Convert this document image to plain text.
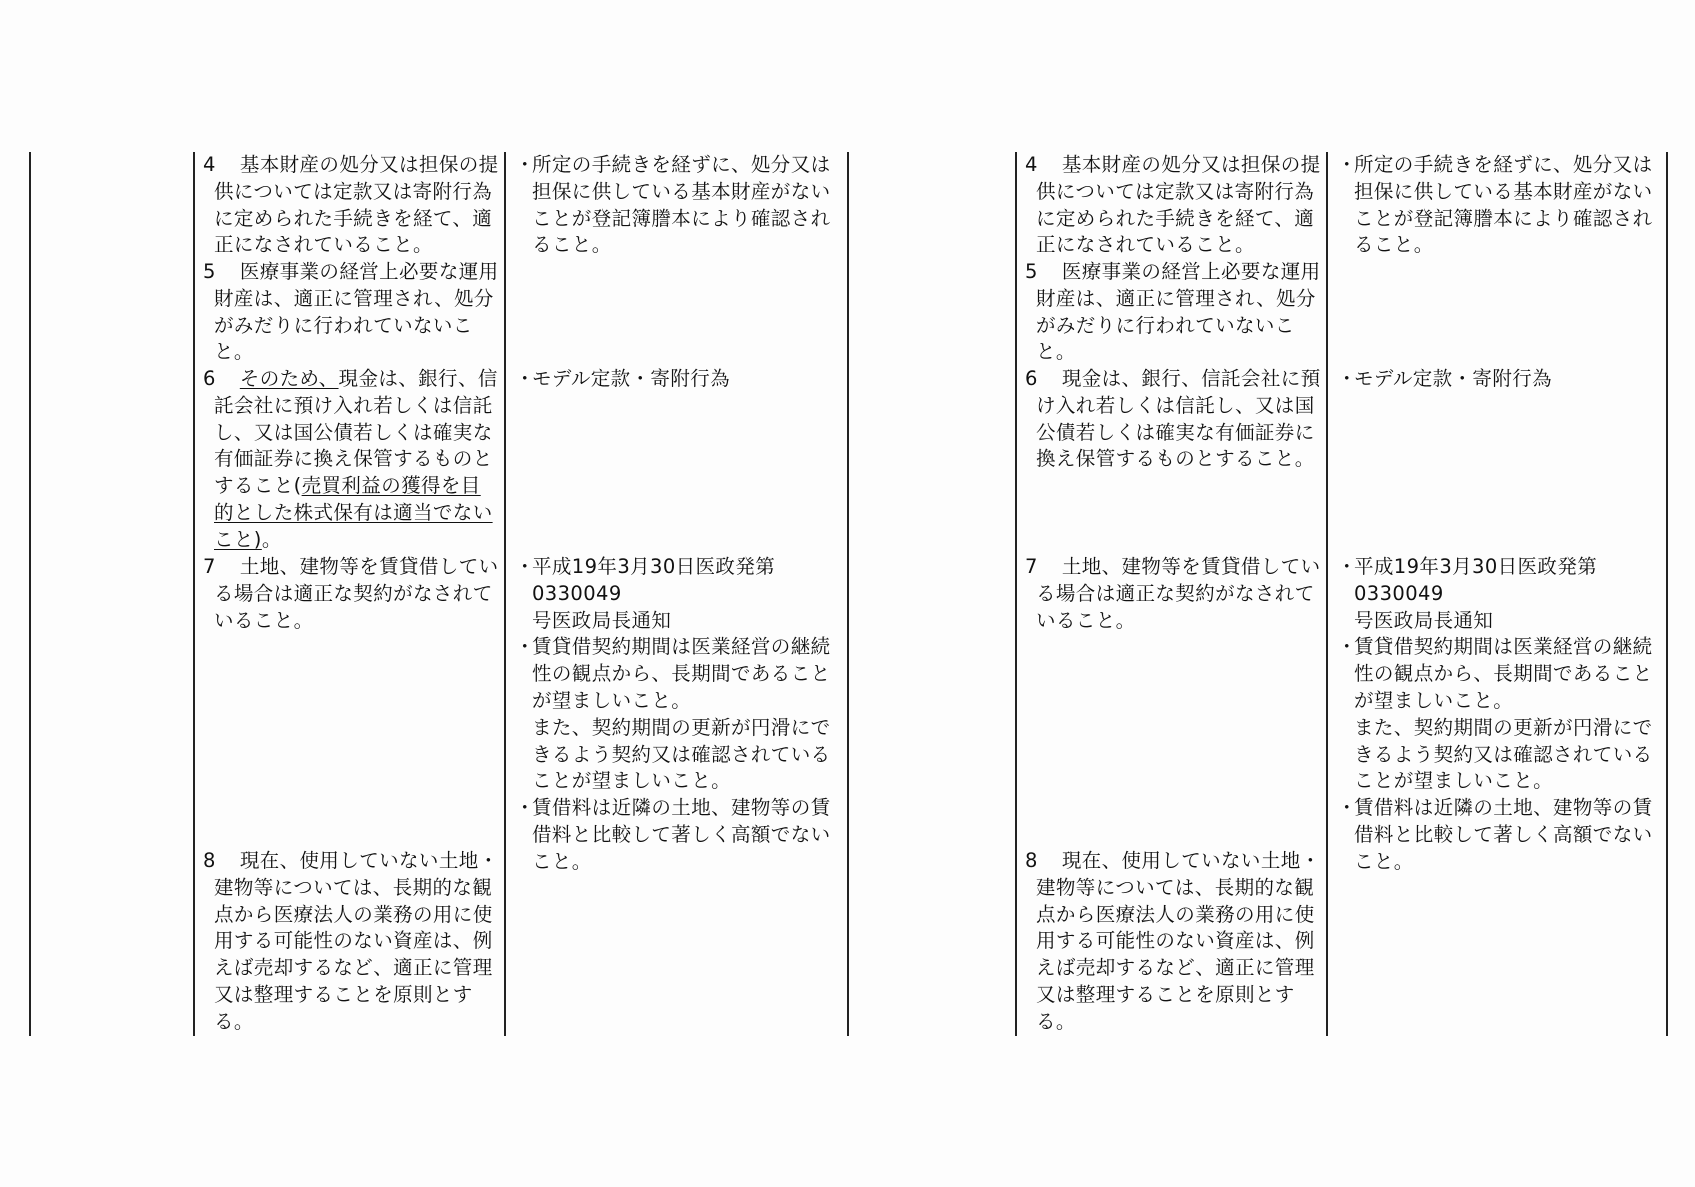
4 基本財産の処分又は担保の提
供については定款又は寄附行為
に定められた手続きを経て、適
正になされていること。
5 医療事業の経営上必要な運用
財産は、適正に管理され、処分
がみだりに行われていないこ
と。
6 そのため、現金は、銀行、信
託会社に預け入れ若しくは信託
し、又は国公債若しくは確実な
有価証券に換え保管するものと
すること(売買利益の獲得を目
的とした株式保有は適当でない
こと)。
7 土地、建物等を賃貸借してい
る場合は適正な契約がなされて
いること。
8 現在、使用していない土地・
建物等については、長期的な観
点から医療法人の業務の用に使
用する可能性のない資産は、例
えば売却するなど、適正に管理
又は整理することを原則とす
る。
・
所定の手続きを経ずに、処分又は
担保に供している基本財産がない
ことが登記簿謄本により確認され
ること。
・
モデル定款・寄附行為
・
平成19年3月30日医政発第0330049
号医政局長通知
・
賃貸借契約期間は医業経営の継続
性の観点から、長期間であること
が望ましいこと。
また、契約期間の更新が円滑にで
きるよう契約又は確認されている
ことが望ましいこと。
・
賃借料は近隣の土地、建物等の賃
借料と比較して著しく高額でない
こと。
4 基本財産の処分又は担保の提
供については定款又は寄附行為
に定められた手続きを経て、適
正になされていること。
5 医療事業の経営上必要な運用
財産は、適正に管理され、処分
がみだりに行われていないこ
と。
6 現金は、銀行、信託会社に預
け入れ若しくは信託し、又は国
公債若しくは確実な有価証券に
換え保管するものとすること。
7 土地、建物等を賃貸借してい
る場合は適正な契約がなされて
いること。
8 現在、使用していない土地・
建物等については、長期的な観
点から医療法人の業務の用に使
用する可能性のない資産は、例
えば売却するなど、適正に管理
又は整理することを原則とす
る。
・
所定の手続きを経ずに、処分又は
担保に供している基本財産がない
ことが登記簿謄本により確認され
ること。
・
モデル定款・寄附行為
・
平成19年3月30日医政発第0330049
号医政局長通知
・
賃貸借契約期間は医業経営の継続
性の観点から、長期間であること
が望ましいこと。
また、契約期間の更新が円滑にで
きるよう契約又は確認されている
ことが望ましいこと。
・
賃借料は近隣の土地、建物等の賃
借料と比較して著しく高額でない
こと。
